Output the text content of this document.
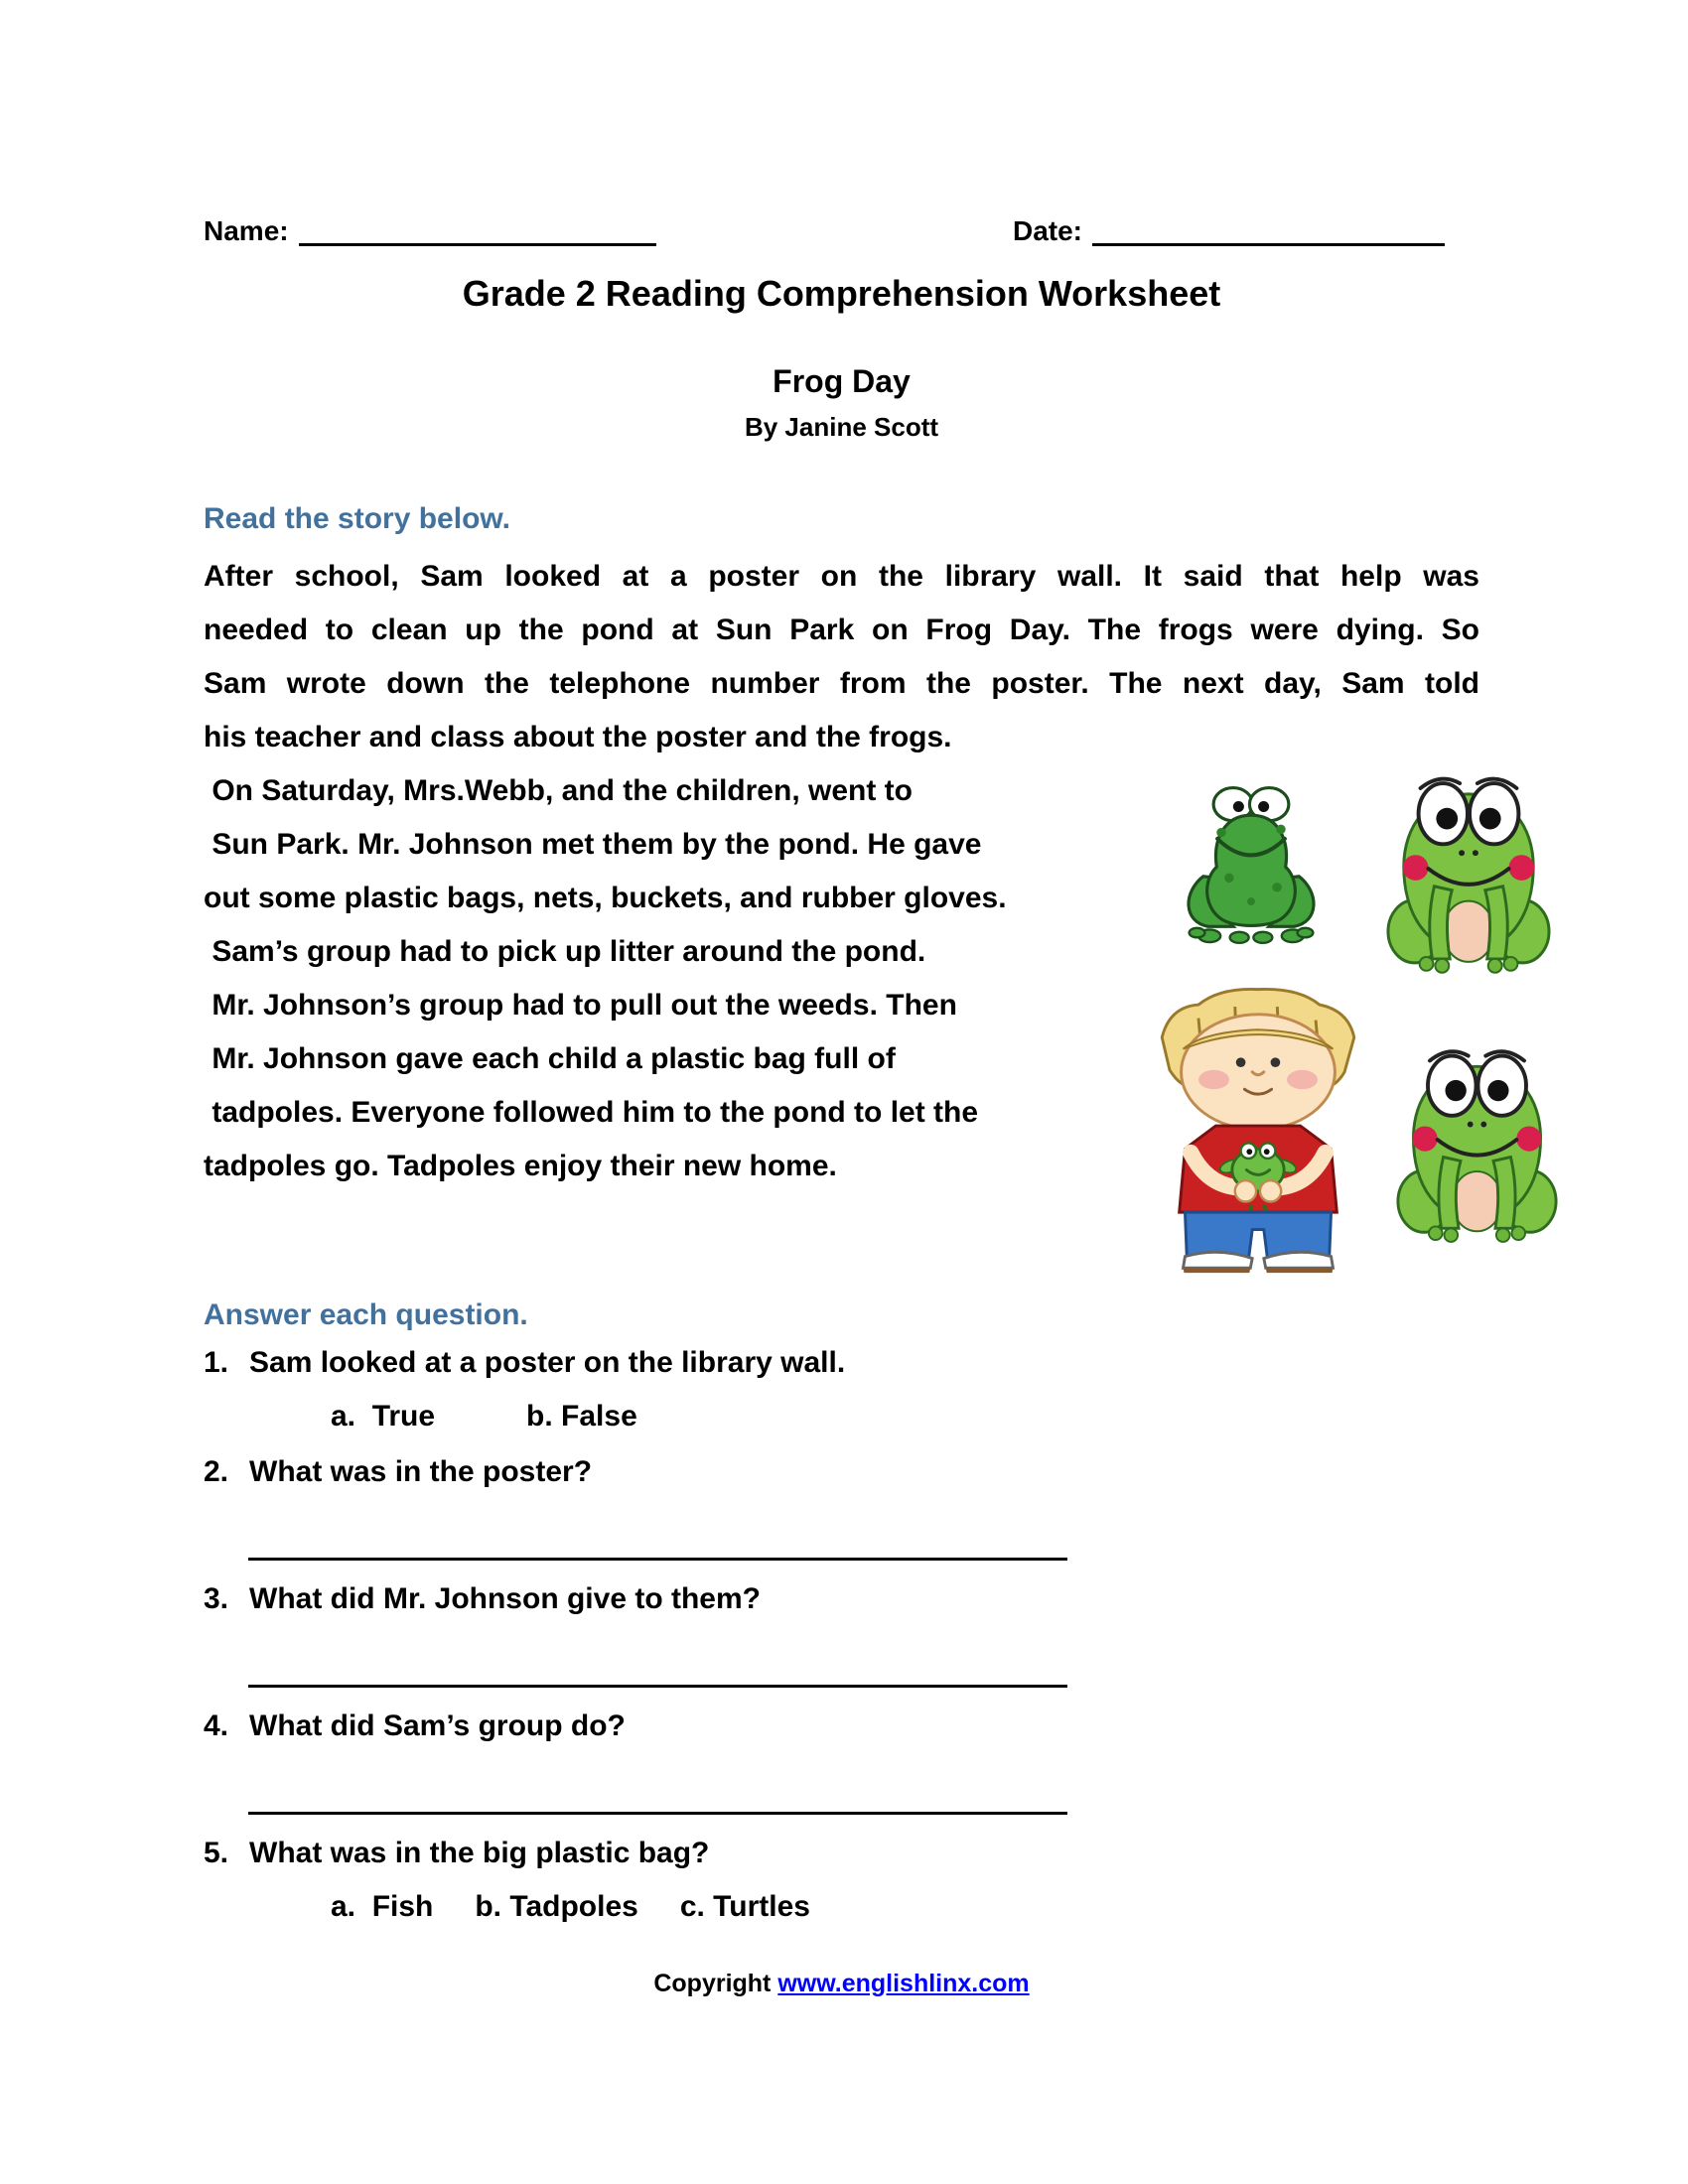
Name:	Date:
Grade 2 Reading Comprehension Worksheet
Frog Day
By Janine Scott
Read the story below.
After school, Sam looked at a poster on the library wall. It said that help was
needed to clean up the pond at Sun Park on Frog Day. The frogs were dying. So
Sam wrote down the telephone number from the poster. The next day, Sam told
his teacher and class about the poster and the frogs.
On Saturday, Mrs.Webb, and the children, went to
Sun Park. Mr. Johnson met them by the pond. He gave
out some plastic bags, nets, buckets, and rubber gloves.
Sam’s group had to pick up litter around the pond.
Mr. Johnson’s group had to pull out the weeds. Then
Mr. Johnson gave each child a plastic bag full of
tadpoles. Everyone followed him to the pond to let the
tadpoles go. Tadpoles enjoy their new home.
Answer each question.
1. Sam looked at a poster on the library wall.
a.  True	b. False
2. What was in the poster?
3. What did Mr. Johnson give to them?
4. What did Sam’s group do?
5. What was in the big plastic bag?
a.  Fish b. Tadpoles c. Turtles
Copyright www.englishlinx.com
